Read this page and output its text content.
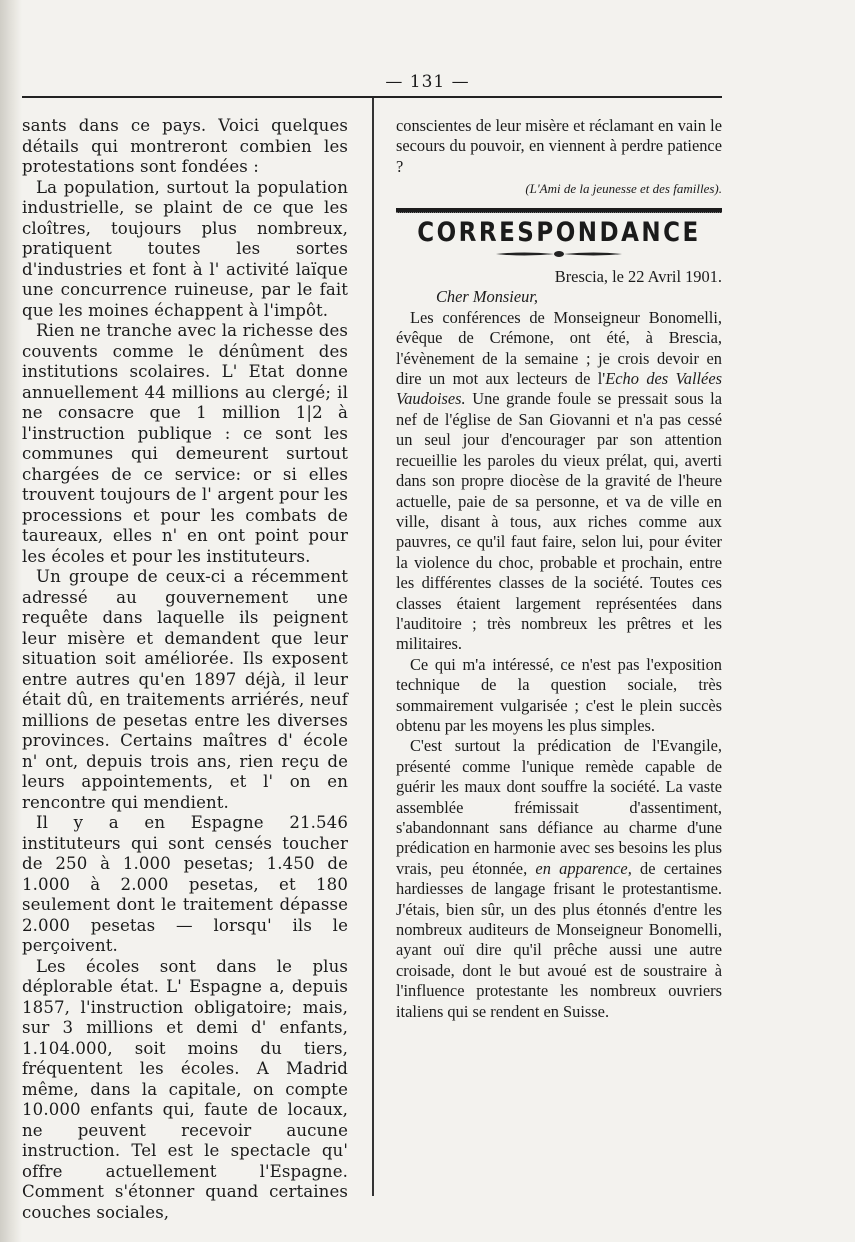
— 131 —

sants dans ce pays. Voici quelques détails qui montreront combien les protestations sont fondées :

La population, surtout la population industrielle, se plaint de ce que les cloîtres, toujours plus nombreux, pratiquent toutes les sortes d'industries et font à l' activité laïque une concurrence ruineuse, par le fait que les moines échappent à l'impôt.

Rien ne tranche avec la richesse des couvents comme le dénûment des institutions scolaires. L' Etat donne annuellement 44 millions au clergé; il ne consacre que 1 million 1|2 à l'instruction publique : ce sont les communes qui demeurent surtout chargées de ce service: or si elles trouvent toujours de l' argent pour les processions et pour les combats de taureaux, elles n' en ont point pour les écoles et pour les instituteurs.

Un groupe de ceux-ci a récemment adressé au gouvernement une requête dans laquelle ils peignent leur misère et demandent que leur situation soit améliorée. Ils exposent entre autres qu'en 1897 déjà, il leur était dû, en traitements arriérés, neuf millions de pesetas entre les diverses provinces. Certains maîtres d' école n' ont, depuis trois ans, rien reçu de leurs appointements, et l' on en rencontre qui mendient.

Il y a en Espagne 21.546 instituteurs qui sont censés toucher de 250 à 1.000 pesetas; 1.450 de 1.000 à 2.000 pesetas, et 180 seulement dont le traitement dépasse 2.000 pesetas — lorsqu' ils le perçoivent.

Les écoles sont dans le plus déplorable état. L' Espagne a, depuis 1857, l'instruction obligatoire; mais, sur 3 millions et demi d' enfants, 1.104.000, soit moins du tiers, fréquentent les écoles. A Madrid même, dans la capitale, on compte 10.000 enfants qui, faute de locaux, ne peuvent recevoir aucune instruction. Tel est le spectacle qu' offre actuellement l'Espagne. Comment s'étonner quand certaines couches sociales,

conscientes de leur misère et réclamant en vain le secours du pouvoir, en viennent à perdre patience ?

(L'Ami de la jeunesse et des familles).
CORRESPONDANCE

Brescia, le 22 Avril 1901.

Cher Monsieur,

Les conférences de Monseigneur Bonomelli, évêque de Crémone, ont été, à Brescia, l'évènement de la semaine ; je crois devoir en dire un mot aux lecteurs de l'Echo des Vallées Vaudoises. Une grande foule se pressait sous la nef de l'église de San Giovanni et n'a pas cessé un seul jour d'encourager par son attention recueillie les paroles du vieux prélat, qui, averti dans son propre diocèse de la gravité de l'heure actuelle, paie de sa personne, et va de ville en ville, disant à tous, aux riches comme aux pauvres, ce qu'il faut faire, selon lui, pour éviter la violence du choc, probable et prochain, entre les différentes classes de la société. Toutes ces classes étaient largement représentées dans l'auditoire ; très nombreux les prêtres et les militaires.

Ce qui m'a intéressé, ce n'est pas l'exposition technique de la question sociale, très sommairement vulgarisée ; c'est le plein succès obtenu par les moyens les plus simples.

C'est surtout la prédication de l'Evangile, présenté comme l'unique remède capable de guérir les maux dont souffre la société. La vaste assemblée frémissait d'assentiment, s'abandonnant sans défiance au charme d'une prédication en harmonie avec ses besoins les plus vrais, peu étonnée, en apparence, de certaines hardiesses de langage frisant le protestantisme. J'étais, bien sûr, un des plus étonnés d'entre les nombreux auditeurs de Monseigneur Bonomelli, ayant ouï dire qu'il prêche aussi une autre croisade, dont le but avoué est de soustraire à l'influence protestante les nombreux ouvriers italiens qui se rendent en Suisse.
